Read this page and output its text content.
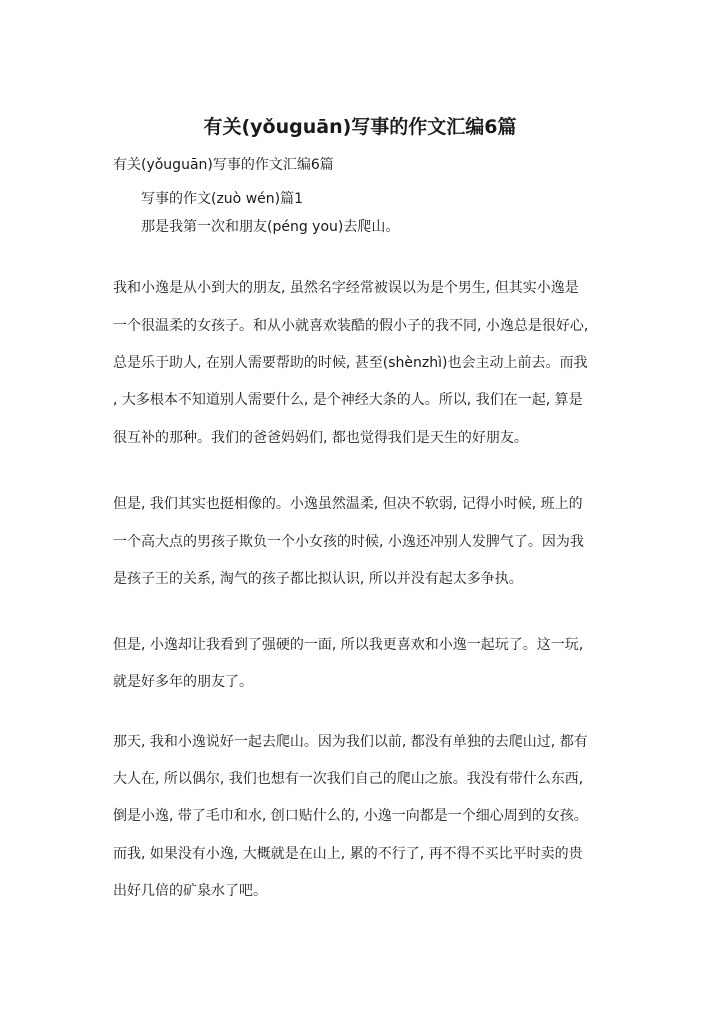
有关(yǒuguān)写事的作文汇编6篇

有关(yǒuguān)写事的作文汇编6篇

写事的作文(zuò wén)篇1

那是我第一次和朋友(péng you)去爬山。

我和小逸是从小到大的朋友, 虽然名字经常被误以为是个男生, 但其实小逸是

一个很温柔的女孩子。和从小就喜欢装酷的假小子的我不同, 小逸总是很好心,

总是乐于助人, 在别人需要帮助的时候, 甚至(shènzhì)也会主动上前去。而我

, 大多根本不知道别人需要什么, 是个神经大条的人。所以, 我们在一起, 算是

很互补的那种。我们的爸爸妈妈们, 都也觉得我们是天生的好朋友。

但是, 我们其实也挺相像的。小逸虽然温柔, 但决不软弱, 记得小时候, 班上的

一个高大点的男孩子欺负一个小女孩的时候, 小逸还冲别人发脾气了。因为我

是孩子王的关系, 淘气的孩子都比拟认识, 所以并没有起太多争执。

但是, 小逸却让我看到了强硬的一面, 所以我更喜欢和小逸一起玩了。这一玩,

就是好多年的朋友了。

那天, 我和小逸说好一起去爬山。因为我们以前, 都没有单独的去爬山过, 都有

大人在, 所以偶尔, 我们也想有一次我们自己的爬山之旅。我没有带什么东西,

倒是小逸, 带了毛巾和水, 创口贴什么的, 小逸一向都是一个细心周到的女孩。

而我, 如果没有小逸, 大概就是在山上, 累的不行了, 再不得不买比平时卖的贵

出好几倍的矿泉水了吧。
